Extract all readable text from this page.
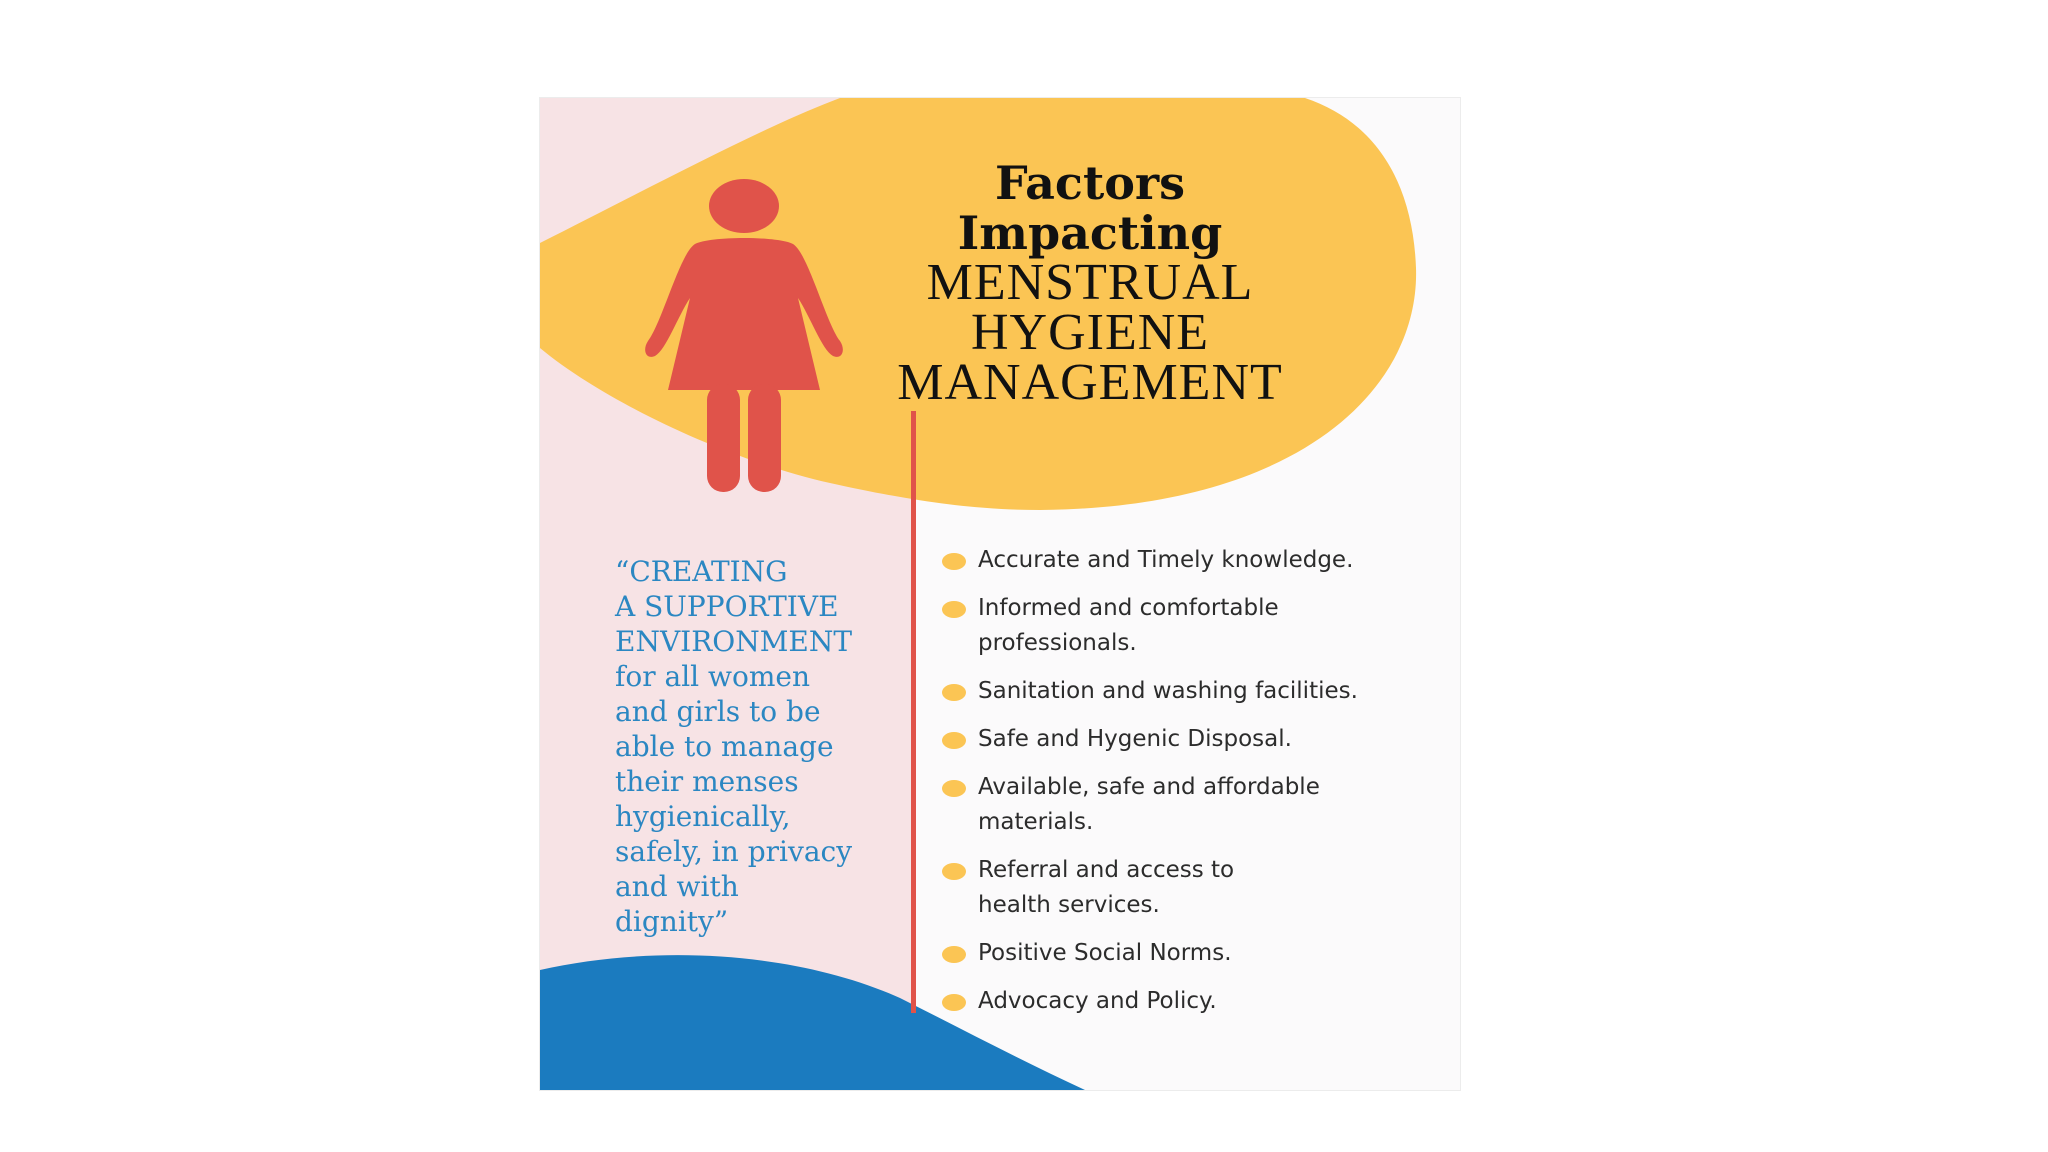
Factors
Impacting
MENSTRUAL
HYGIENE
MANAGEMENT

“CREATING
A SUPPORTIVE
ENVIRONMENT
for all women
and girls to be
able to manage
their menses
hygienically,
safely, in privacy
and with
dignity”

Accurate and Timely knowledge.
Informed and comfortable
professionals.
Sanitation and washing facilities.
Safe and Hygenic Disposal.
Available, safe and affordable
materials.
Referral and access to
health services.
Positive Social Norms.
Advocacy and Policy.
